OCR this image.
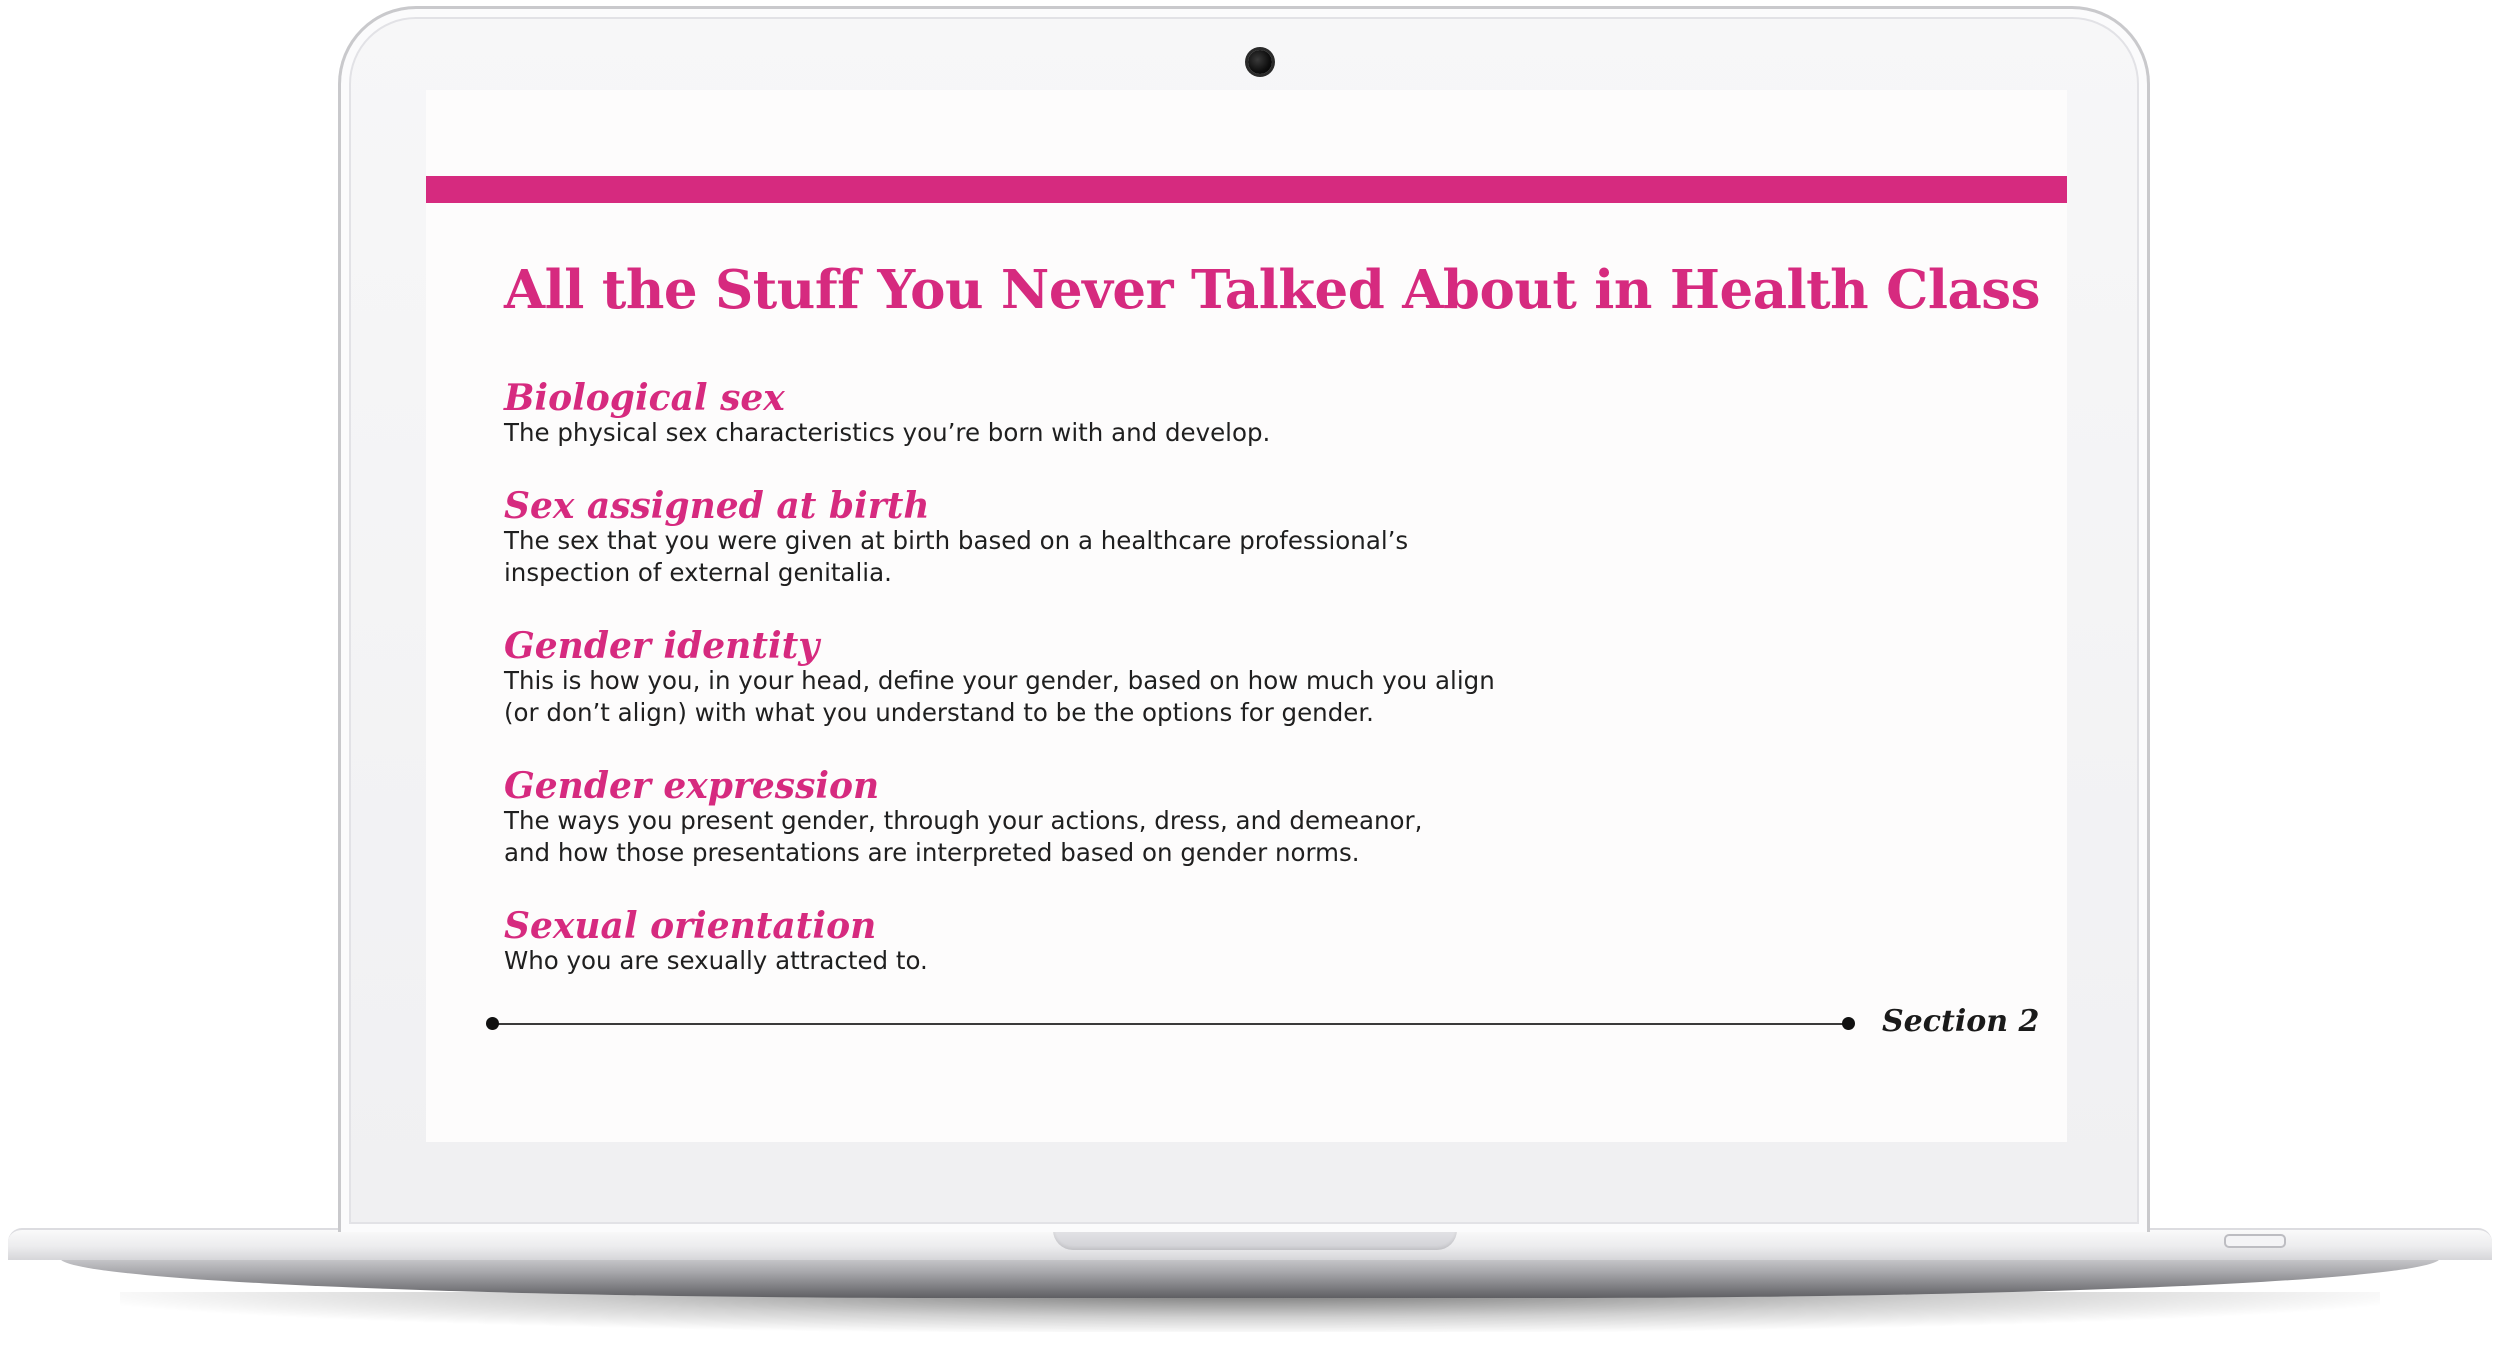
All the Stuff You Never Talked About in Health Class
Biological sex
The physical sex characteristics you’re born with and develop.
Sex assigned at birth
The sex that you were given at birth based on a healthcare professional’s
inspection of external genitalia.
Gender identity
This is how you, in your head, define your gender, based on how much you align
(or don’t align) with what you understand to be the options for gender.
Gender expression
The ways you present gender, through your actions, dress, and demeanor,
and how those presentations are interpreted based on gender norms.
Sexual orientation
Who you are sexually attracted to.
Section 2
